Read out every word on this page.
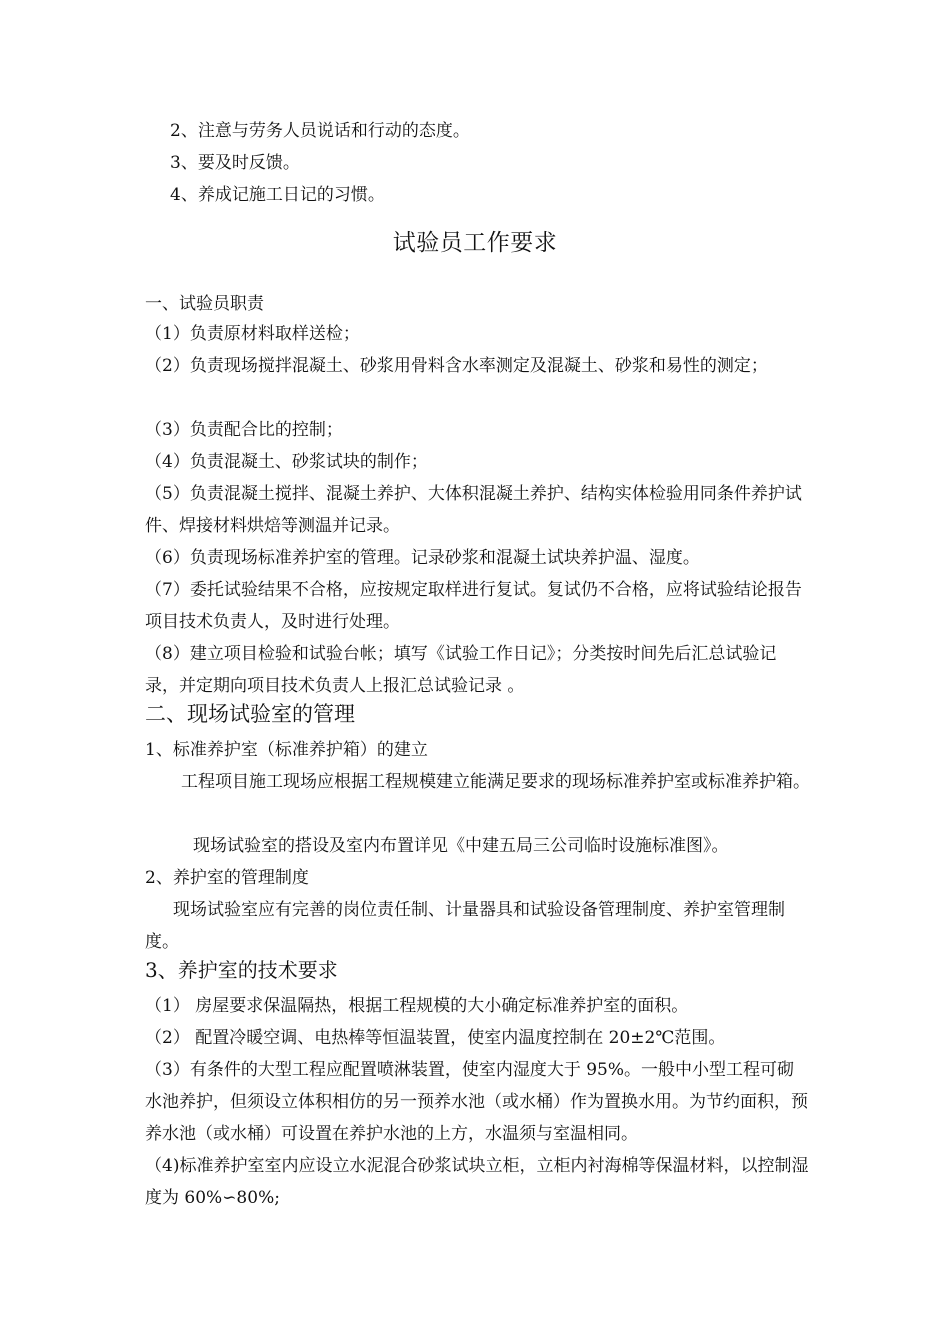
2、注意与劳务人员说话和行动的态度。

3、要及时反馈。

4、养成记施工日记的习惯。

试验员工作要求

一、试验员职责

（1）负责原材料取样送检；

（2）负责现场搅拌混凝土、砂浆用骨料含水率测定及混凝土、砂浆和易性的测定；

（3）负责配合比的控制；

（4）负责混凝土、砂浆试块的制作；

（5）负责混凝土搅拌、混凝土养护、大体积混凝土养护、结构实体检验用同条件养护试件、焊接材料烘焙等测温并记录。

（6）负责现场标准养护室的管理。记录砂浆和混凝土试块养护温、湿度。

（7）委托试验结果不合格，应按规定取样进行复试。复试仍不合格，应将试验结论报告项目技术负责人，及时进行处理。

（8）建立项目检验和试验台帐；填写《试验工作日记》；分类按时间先后汇总试验记录，并定期向项目技术负责人上报汇总试验记录 。

二、现场试验室的管理

1、标准养护室（标准养护箱）的建立

工程项目施工现场应根据工程规模建立能满足要求的现场标准养护室或标准养护箱。

现场试验室的搭设及室内布置详见《中建五局三公司临时设施标准图》。

2、养护室的管理制度

现场试验室应有完善的岗位责任制、计量器具和试验设备管理制度、养护室管理制度。

3、养护室的技术要求

（1） 房屋要求保温隔热，根据工程规模的大小确定标准养护室的面积。

（2） 配置冷暖空调、电热棒等恒温装置，使室内温度控制在 20±2℃范围。

（3）有条件的大型工程应配置喷淋装置，使室内湿度大于 95%。一般中小型工程可砌水池养护，但须设立体积相仿的另一预养水池（或水桶）作为置换水用。为节约面积，预养水池（或水桶）可设置在养护水池的上方，水温须与室温相同。

（4)标准养护室室内应设立水泥混合砂浆试块立柜，立柜内衬海棉等保温材料，以控制湿度为 60%∽80%;
